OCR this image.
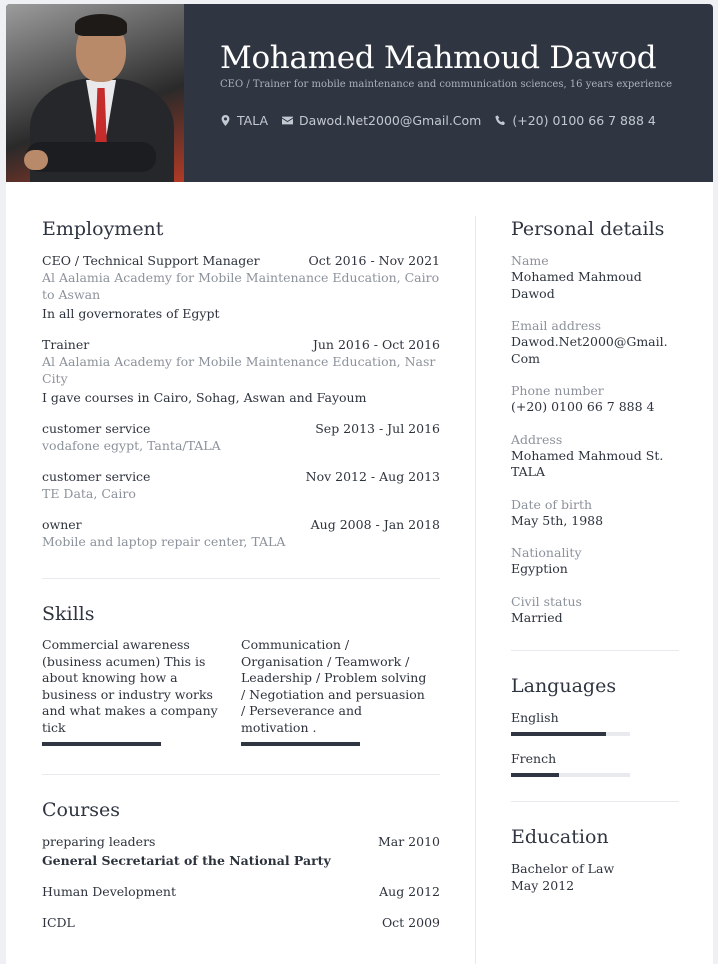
Mohamed Mahmoud Dawod
CEO / Trainer for mobile maintenance and communication sciences, 16 years experience
TALA Dawod.Net2000@Gmail.Com (+20) 0100 66 7 888 4
Employment
CEO / Technical Support Manager	Oct 2016 - Nov 2021
Al Aalamia Academy for Mobile Maintenance Education, Cairo to Aswan
In all governorates of Egypt
Trainer	Jun 2016 - Oct 2016
Al Aalamia Academy for Mobile Maintenance Education, Nasr City
I gave courses in Cairo, Sohag, Aswan and Fayoum
customer service	Sep 2013 - Jul 2016
vodafone egypt, Tanta/TALA
customer service	Nov 2012 - Aug 2013
TE Data, Cairo
owner	Aug 2008 - Jan 2018
Mobile and laptop repair center, TALA
Skills
Commercial awareness (business acumen) This is about knowing how a business or industry works and what makes a company tick
Communication / Organisation / Teamwork / Leadership / Problem solving / Negotiation and persuasion / Perseverance and motivation .
Courses
preparing leaders	Mar 2010
General Secretariat of the National Party
Human Development	Aug 2012
ICDL	Oct 2009
Personal details
Name
Mohamed Mahmoud Dawod
Email address
Dawod.Net2000@Gmail.
Com
Phone number
(+20) 0100 66 7 888 4
Address
Mohamed Mahmoud St.
TALA
Date of birth
May 5th, 1988
Nationality
Egyption
Civil status
Married
Languages
English
French
Education
Bachelor of Law
May 2012
